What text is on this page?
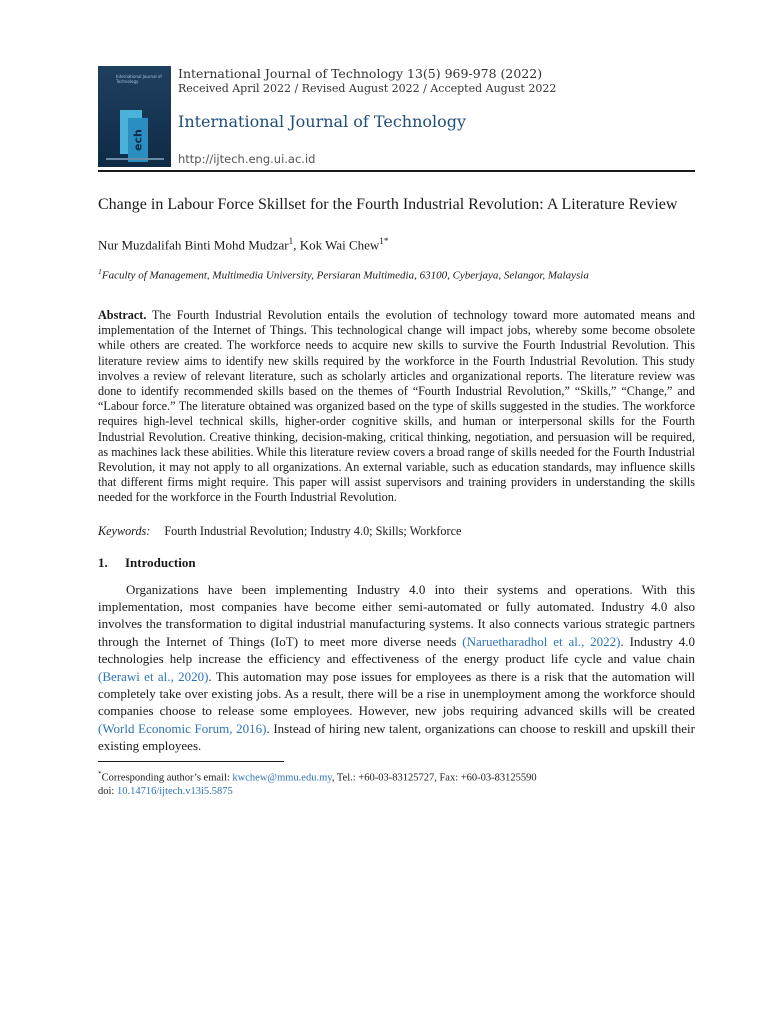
International Journal of Technology
ech
International Journal of Technology 13(5) 969-978 (2022)
Received April 2022 / Revised August 2022 / Accepted August 2022
International Journal of Technology
http://ijtech.eng.ui.ac.id
Change in Labour Force Skillset for the Fourth Industrial Revolution: A Literature Review
Nur Muzdalifah Binti Mohd Mudzar$^1$, Kok Wai Chew$^{1*}$
$^1$Faculty of Management, Multimedia University, Persiaran Multimedia, 63100, Cyberjaya, Selangor, Malaysia
Abstract. The Fourth Industrial Revolution entails the evolution of technology toward more automated means and implementation of the Internet of Things. This technological change will impact jobs, whereby some become obsolete while others are created. The workforce needs to acquire new skills to survive the Fourth Industrial Revolution. This literature review aims to identify new skills required by the workforce in the Fourth Industrial Revolution. This study involves a review of relevant literature, such as scholarly articles and organizational reports. The literature review was done to identify recommended skills based on the themes of “Fourth Industrial Revolution,” “Skills,” “Change,” and “Labour force.” The literature obtained was organized based on the type of skills suggested in the studies. The workforce requires high-level technical skills, higher-order cognitive skills, and human or interpersonal skills for the Fourth Industrial Revolution. Creative thinking, decision-making, critical thinking, negotiation, and persuasion will be required, as machines lack these abilities. While this literature review covers a broad range of skills needed for the Fourth Industrial Revolution, it may not apply to all organizations. An external variable, such as education standards, may influence skills that different firms might require. This paper will assist supervisors and training providers in understanding the skills needed for the workforce in the Fourth Industrial Revolution.
Keywords: Fourth Industrial Revolution; Industry 4.0; Skills; Workforce
1. Introduction
Organizations have been implementing Industry 4.0 into their systems and operations. With this implementation, most companies have become either semi-automated or fully automated. Industry 4.0 also involves the transformation to digital industrial manufacturing systems. It also connects various strategic partners through the Internet of Things (IoT) to meet more diverse needs (Naruetharadhol et al., 2022). Industry 4.0 technologies help increase the efficiency and effectiveness of the energy product life cycle and value chain (Berawi et al., 2020). This automation may pose issues for employees as there is a risk that the automation will completely take over existing jobs. As a result, there will be a rise in unemployment among the workforce should companies choose to release some employees. However, new jobs requiring advanced skills will be created (World Economic Forum, 2016). Instead of hiring new talent, organizations can choose to reskill and upskill their existing employees.
*Corresponding author’s email: kwchew@mmu.edu.my, Tel.: +60-03-83125727, Fax: +60-03-83125590
doi: 10.14716/ijtech.v13i5.5875
